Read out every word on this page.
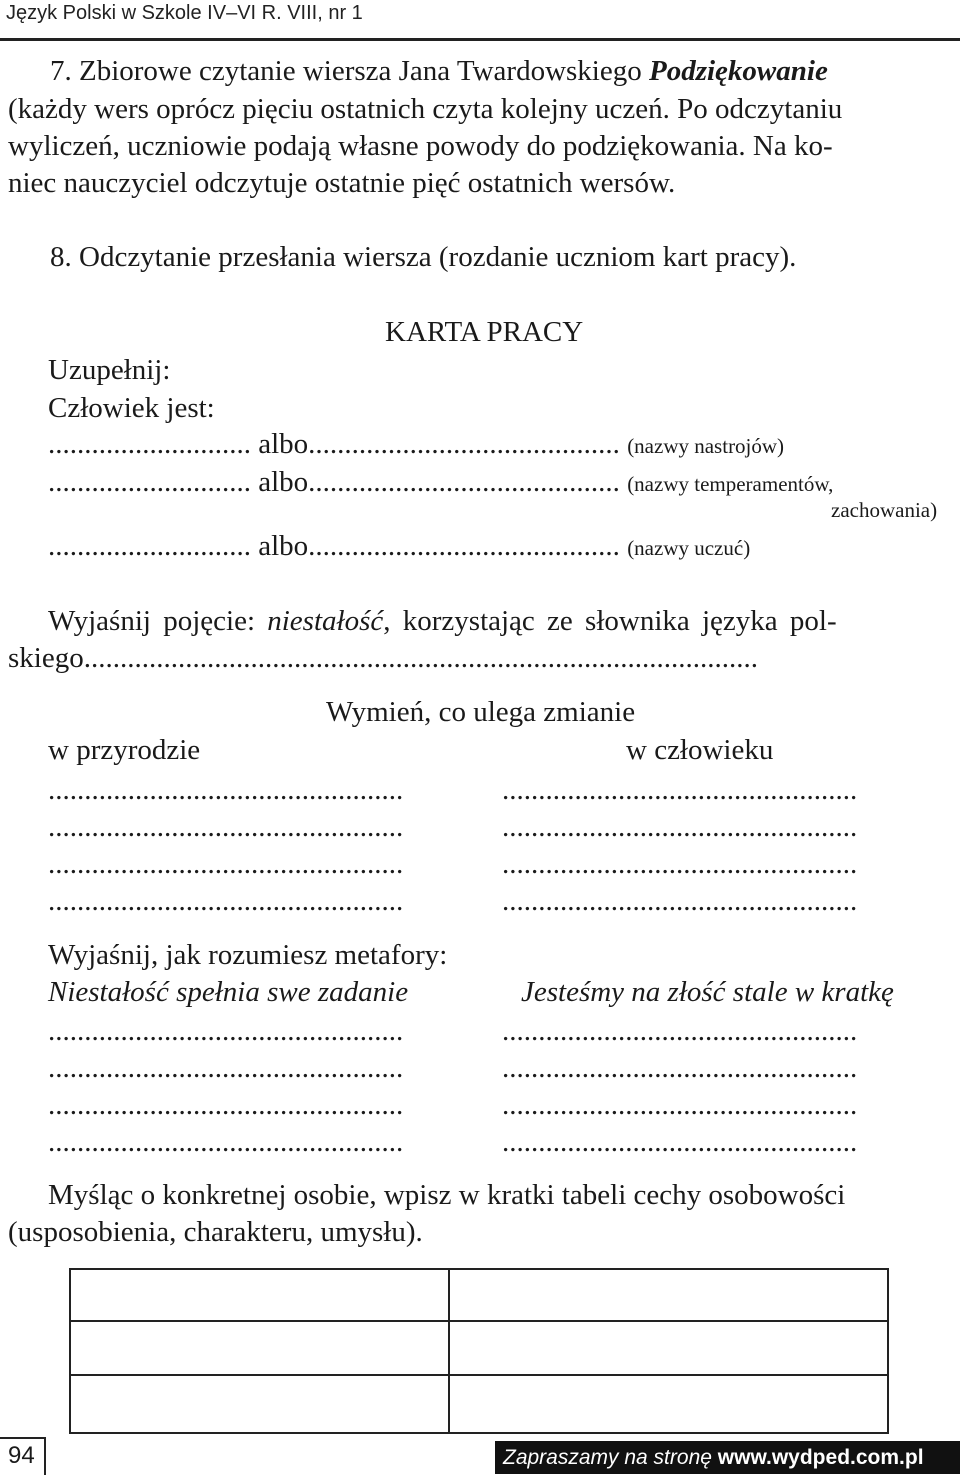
Język Polski w Szkole IV–VI R. VIII, nr 1
7. Zbiorowe czytanie wiersza Jana Twardowskiego Podziękowanie
(każdy wers oprócz pięciu ostatnich czyta kolejny uczeń. Po odczytaniu
wyliczeń, uczniowie podają własne powody do podziękowania. Na ko-
niec nauczyciel odczytuje ostatnie pięć ostatnich wersów.
8. Odczytanie przesłania wiersza (rozdanie uczniom kart pracy).
KARTA PRACY
Uzupełnij:
Człowiek jest:
............................ albo........................................... (nazwy nastrojów)
............................ albo........................................... (nazwy temperamentów,
zachowania)
............................ albo........................................... (nazwy uczuć)
Wyjaśnij pojęcie: niestałość, korzystając ze słownika języka pol-
skiego.............................................................................................
Wymień, co ulega zmianie
w przyrodzie	w człowieku
.................................................	.................................................
.................................................	.................................................
.................................................	.................................................
.................................................	.................................................
Wyjaśnij, jak rozumiesz metafory:
Niestałość spełnia swe zadanie	Jesteśmy na złość stale w kratkę
.................................................	.................................................
.................................................	.................................................
.................................................	.................................................
.................................................	.................................................
Myśląc o konkretnej osobie, wpisz w kratki tabeli cechy osobowości
(usposobienia, charakteru, umysłu).
94	Zapraszamy na stronę www.wydped.com.pl
